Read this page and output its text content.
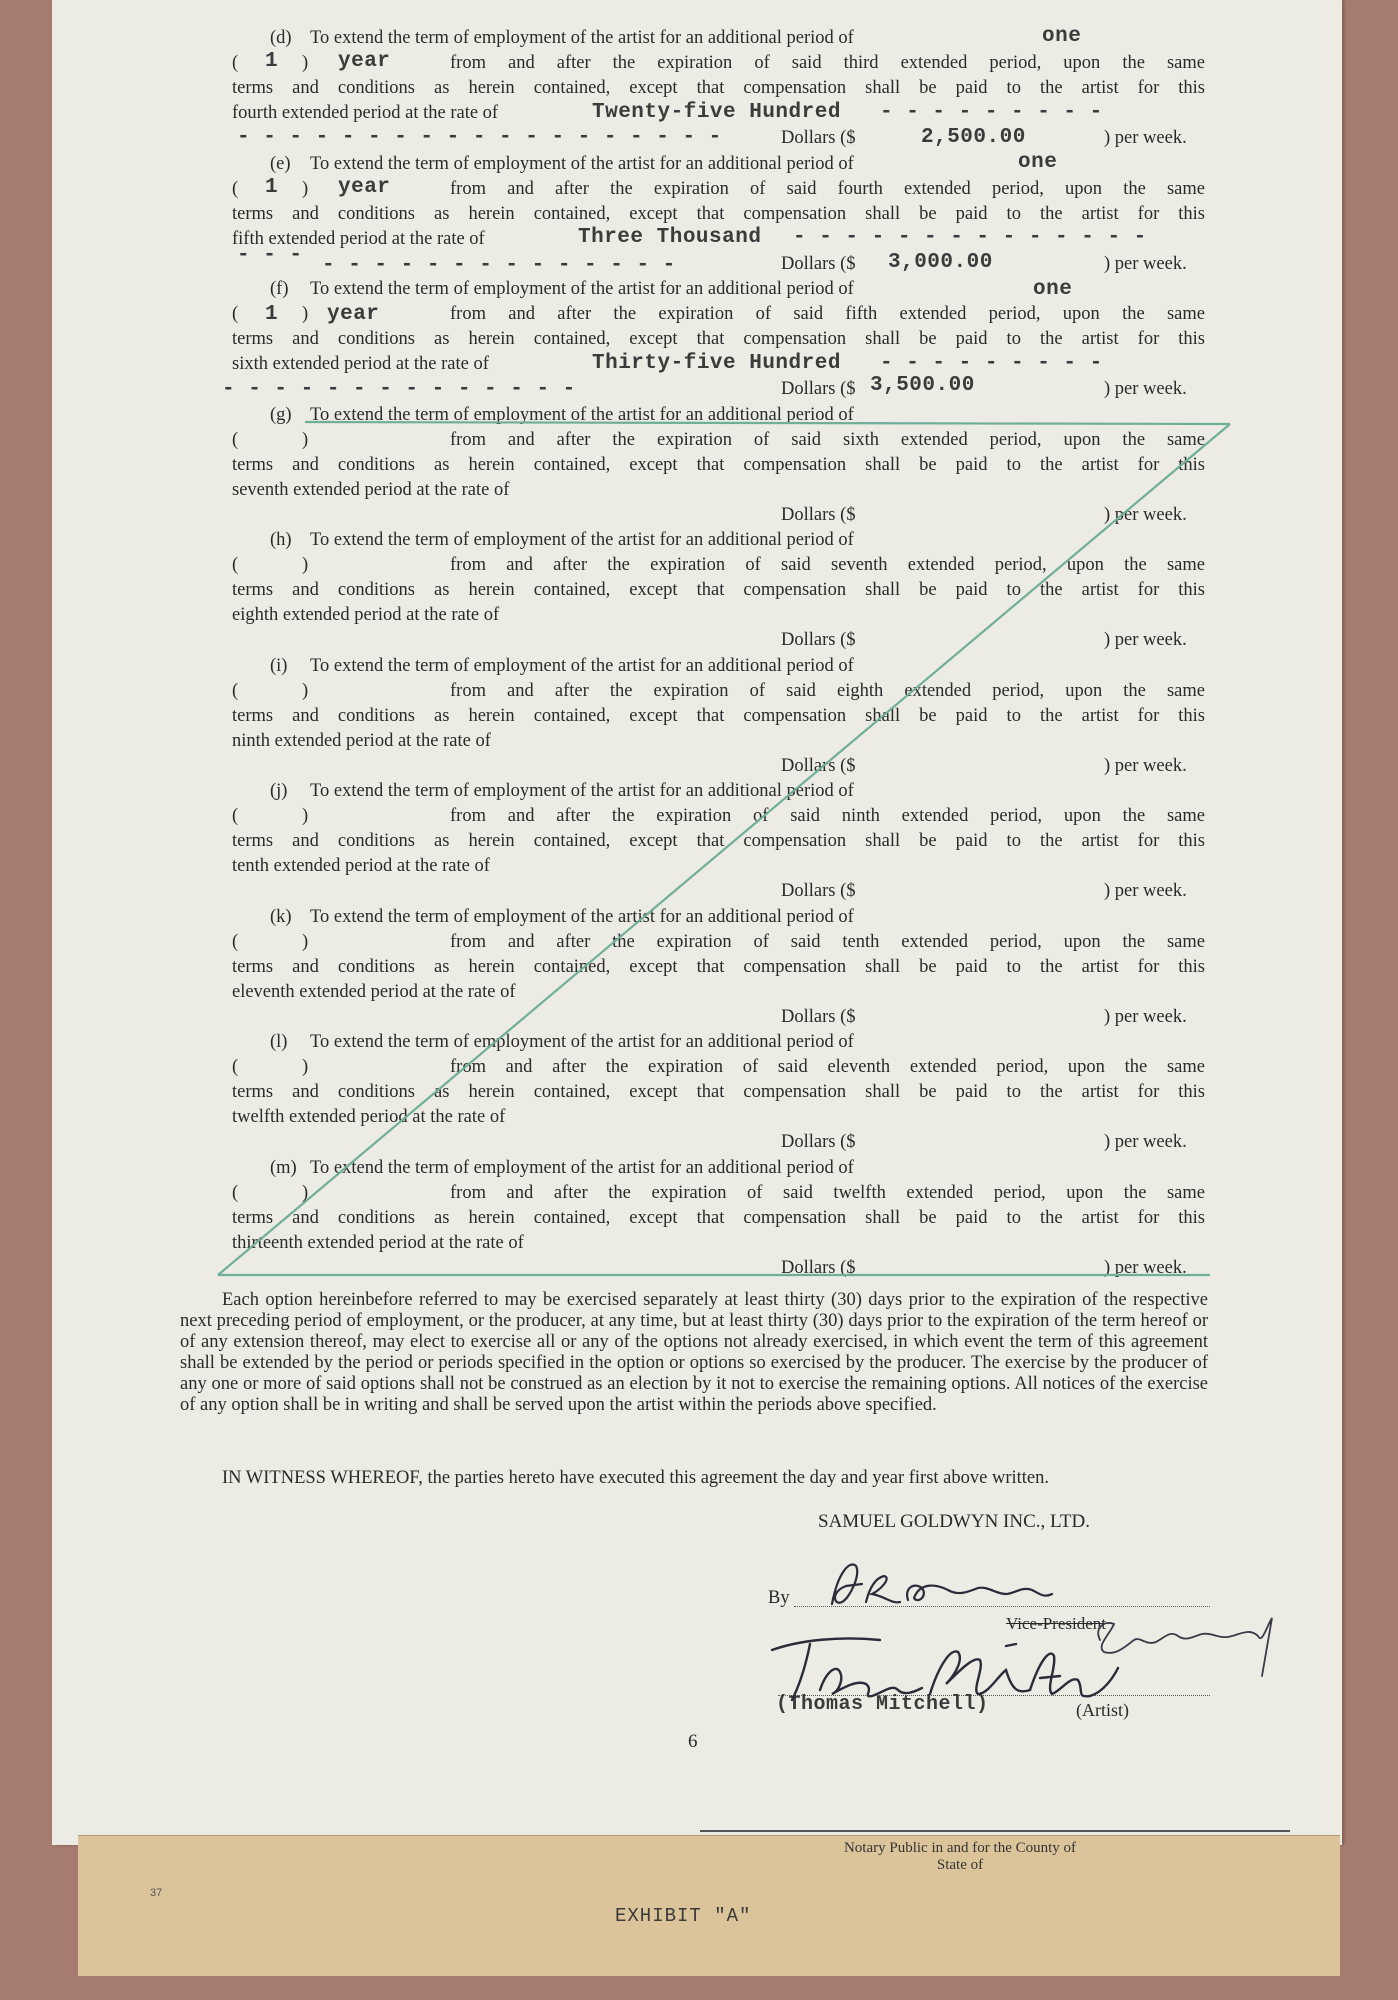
Notary Public in and for the County of
State of
EXHIBIT "A"
37
(d) To extend the term of employment of the artist for an additional period of
(	)	from and after the expiration of said third extended period, upon the same
terms and conditions as herein contained, except that compensation shall be paid to the artist for this
fourth extended period at the rate of
Dollars ($	) per week.
(e) To extend the term of employment of the artist for an additional period of
(	)	from and after the expiration of said fourth extended period, upon the same
terms and conditions as herein contained, except that compensation shall be paid to the artist for this
fifth extended period at the rate of
Dollars ($	) per week.
(f) To extend the term of employment of the artist for an additional period of
(	)	from and after the expiration of said fifth extended period, upon the same
terms and conditions as herein contained, except that compensation shall be paid to the artist for this
sixth extended period at the rate of
Dollars ($	) per week.
(g) To extend the term of employment of the artist for an additional period of
(	)	from and after the expiration of said sixth extended period, upon the same
terms and conditions as herein contained, except that compensation shall be paid to the artist for this
seventh extended period at the rate of
Dollars ($	) per week.
(h) To extend the term of employment of the artist for an additional period of
(	)	from and after the expiration of said seventh extended period, upon the same
terms and conditions as herein contained, except that compensation shall be paid to the artist for this
eighth extended period at the rate of
Dollars ($	) per week.
(i) To extend the term of employment of the artist for an additional period of
(	)	from and after the expiration of said eighth extended period, upon the same
terms and conditions as herein contained, except that compensation shall be paid to the artist for this
ninth extended period at the rate of
Dollars ($	) per week.
(j) To extend the term of employment of the artist for an additional period of
(	)	from and after the expiration of said ninth extended period, upon the same
terms and conditions as herein contained, except that compensation shall be paid to the artist for this
tenth extended period at the rate of
Dollars ($	) per week.
(k) To extend the term of employment of the artist for an additional period of
(	)	from and after the expiration of said tenth extended period, upon the same
terms and conditions as herein contained, except that compensation shall be paid to the artist for this
eleventh extended period at the rate of
Dollars ($	) per week.
(l) To extend the term of employment of the artist for an additional period of
(	)	from and after the expiration of said eleventh extended period, upon the same
terms and conditions as herein contained, except that compensation shall be paid to the artist for this
twelfth extended period at the rate of
Dollars ($	) per week.
(m) To extend the term of employment of the artist for an additional period of
(	)	from and after the expiration of said twelfth extended period, upon the same
terms and conditions as herein contained, except that compensation shall be paid to the artist for this
thirteenth extended period at the rate of
Dollars ($	) per week.
one
1	year
Twenty-five Hundred - - - - - - - - -
- - - - - - - - - - - - - - - - - - -	2,500.00
one
1	year
Three Thousand - - - - - - - - - - - - - -
- - - - - - - - - - - - - - - - -	3,000.00
one
1 year
Thirty-five Hundred - - - - - - - - -
- - - - - - - - - - - - - -	3,500.00
Each option hereinbefore referred to may be exercised separately at least thirty (30) days prior to the expiration of the respective next preceding period of employment, or the producer, at any time, but at least thirty (30) days prior to the expiration of the term hereof or of any extension thereof, may elect to exercise all or any of the options not already exercised, in which event the term of this agreement shall be extended by the period or periods specified in the option or options so exercised by the producer. The exercise by the producer of any one or more of said options shall not be construed as an election by it not to exercise the remaining options. All notices of the exercise of any option shall be in writing and shall be served upon the artist within the periods above specified.
IN WITNESS WHEREOF, the parties hereto have executed this agreement the day and year first above written.
SAMUEL GOLDWYN INC., LTD.
By
Vice-President
(Thomas Mitchell)	(Artist)
6
